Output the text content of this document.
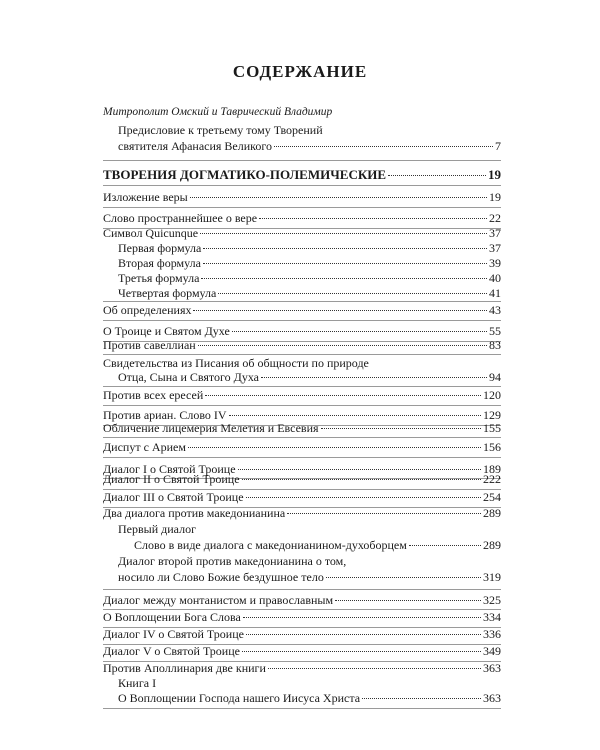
СОДЕРЖАНИЕ
Митрополит Омский и Таврический Владимир
Предисловие к третьему тому Творений
святителя Афанасия Великого	7
ТВОРЕНИЯ ДОГМАТИКО-ПОЛЕМИЧЕСКИЕ	19
Изложение веры	19
Слово пространнейшее о вере	22
Символ Quicunque	37
Первая формула	37
Вторая формула	39
Третья формула	40
Четвертая формула	41
Об определениях	43
О Троице и Святом Духе	55
Против савеллиан	83
Свидетельства из Писания об общности по природе
Отца, Сына и Святого Духа	94
Против всех ересей	120
Против ариан. Слово IV	129
Обличение лицемерия Мелетия и Евсевия	155
Диспут с Арием	156
Диалог I о Святой Троице	189
Диалог II о Святой Троице	222
Диалог III о Святой Троице	254
Два диалога против македонианина	289
Первый диалог
Слово в виде диалога с македонианином-духоборцем	289
Диалог второй против македонианина о том,
носило ли Слово Божие бездушное тело	319
Диалог между монтанистом и православным	325
О Воплощении Бога Слова	334
Диалог IV о Святой Троице	336
Диалог V о Святой Троице	349
Против Аполлинария две книги	363
Книга I
О Воплощении Господа нашего Иисуса Христа	363
